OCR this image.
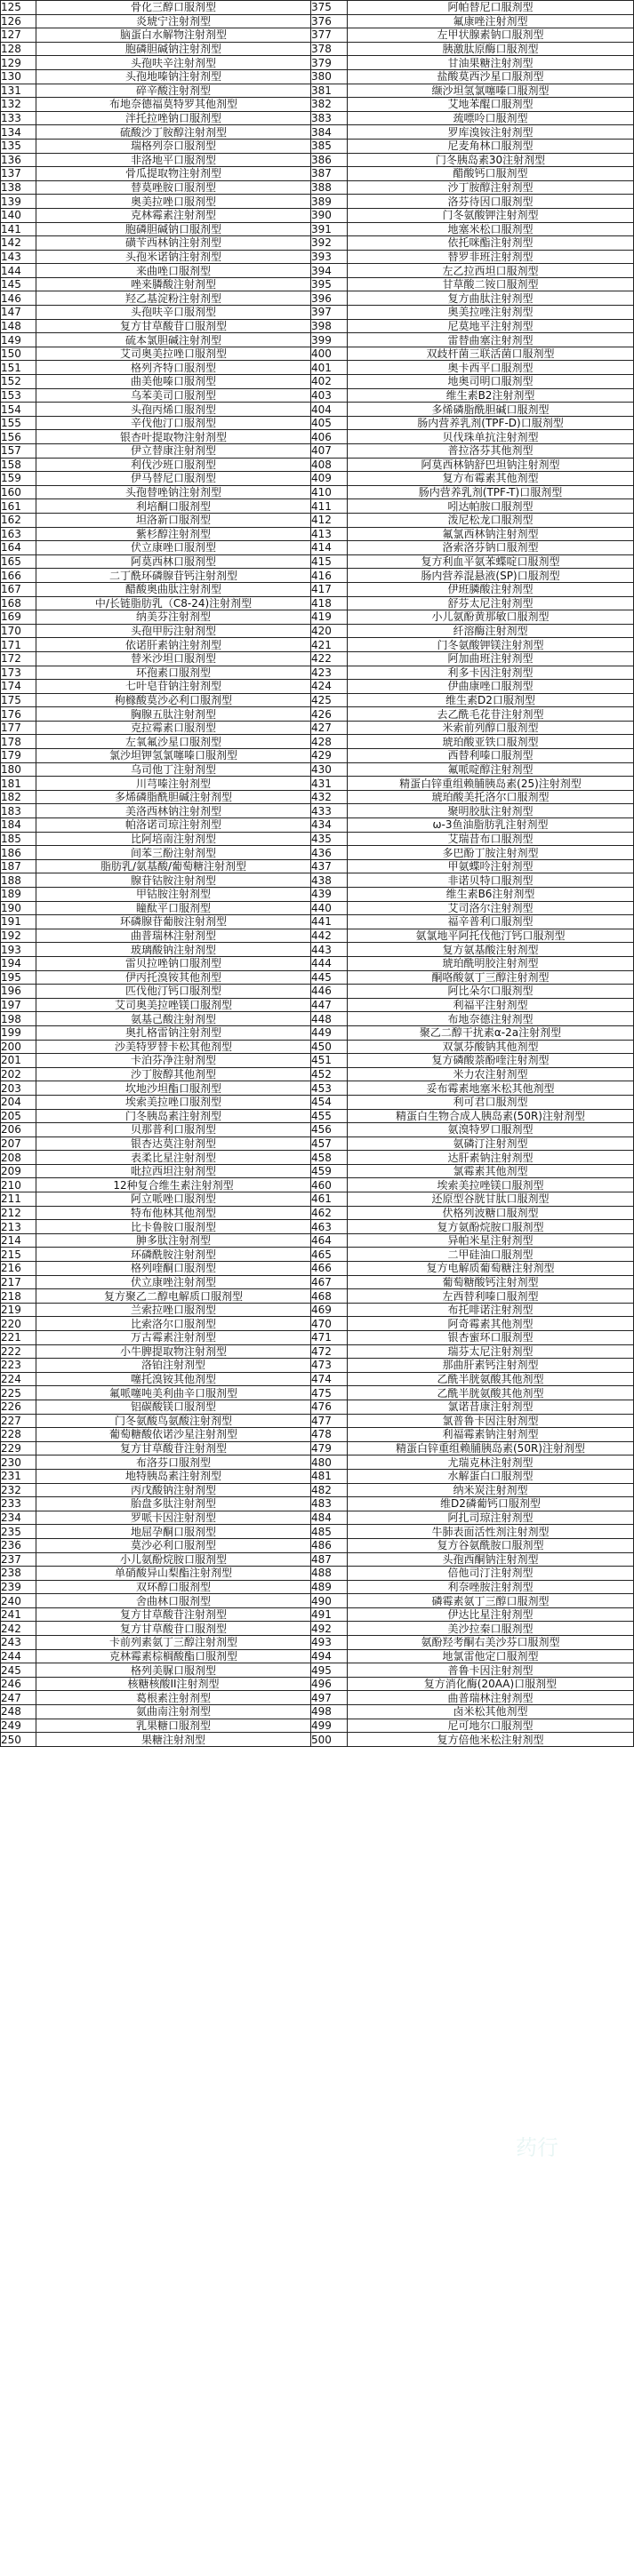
125	骨化三醇口服剂型	375	阿帕替尼口服剂型
126	炎琥宁注射剂型	376	氟康唑注射剂型
127	脑蛋白水解物注射剂型	377	左甲状腺素钠口服剂型
128	胞磷胆碱钠注射剂型	378	胰激肽原酶口服剂型
129	头孢呋辛注射剂型	379	甘油果糖注射剂型
130	头孢地嗪钠注射剂型	380	盐酸莫西沙星口服剂型
131	碎辛酸注射剂型	381	缬沙坦氢氯噻嗪口服剂型
132	布地奈德福莫特罗其他剂型	382	艾地苯醌口服剂型
133	泮托拉唑钠口服剂型	383	巯嘌呤口服剂型
134	硫酸沙丁胺醇注射剂型	384	罗库溴铵注射剂型
135	瑞格列奈口服剂型	385	尼麦角林口服剂型
136	非洛地平口服剂型	386	门冬胰岛素30注射剂型
137	骨瓜提取物注射剂型	387	醋酸钙口服剂型
138	替莫唑胺口服剂型	388	沙丁胺醇注射剂型
139	奥美拉唑口服剂型	389	洛芬待因口服剂型
140	克林霉素注射剂型	390	门冬氨酸钾注射剂型
141	胞磷胆碱钠口服剂型	391	地塞米松口服剂型
142	磺苄西林钠注射剂型	392	依托咪酯注射剂型
143	头孢米诺钠注射剂型	393	替罗非班注射剂型
144	来曲唑口服剂型	394	左乙拉西坦口服剂型
145	唑来膦酸注射剂型	395	甘草酸二铵口服剂型
146	羟乙基淀粉注射剂型	396	复方曲肽注射剂型
147	头孢呋辛口服剂型	397	奥美拉唑注射剂型
148	复方甘草酸苷口服剂型	398	尼莫地平注射剂型
149	硫本氯胆碱注射剂型	399	雷替曲塞注射剂型
150	艾司奥美拉唑口服剂型	400	双歧杆菌三联活菌口服剂型
151	格列齐特口服剂型	401	奥卡西平口服剂型
152	曲美他嗪口服剂型	402	地奥司明口服剂型
153	乌苯美司口服剂型	403	维生素B2注射剂型
154	头孢丙烯口服剂型	404	多烯磷脂酰胆碱口服剂型
155	辛伐他汀口服剂型	405	肠内营养乳剂(TPF-D)口服剂型
156	银杏叶提取物注射剂型	406	贝伐珠单抗注射剂型
157	伊立替康注射剂型	407	普拉洛芬其他剂型
158	利伐沙班口服剂型	408	阿莫西林钠舒巴坦钠注射剂型
159	伊马替尼口服剂型	409	复方布霉素其他剂型
160	头孢替唑钠注射剂型	410	肠内营养乳剂(TPF-T)口服剂型
161	利培酮口服剂型	411	吲达帕胺口服剂型
162	坦洛新口服剂型	412	泼尼松龙口服剂型
163	紫杉醇注射剂型	413	氟氯西林钠注射剂型
164	伏立康唑口服剂型	414	洛索洛芬钠口服剂型
165	阿莫西林口服剂型	415	复方利血平氨苯蝶啶口服剂型
166	二丁酰环磷腺苷钙注射剂型	416	肠内营养混悬液(SP)口服剂型
167	醋酸奥曲肽注射剂型	417	伊班膦酸注射剂型
168	中/长链脂肪乳（C8-24)注射剂型	418	舒芬太尼注射剂型
169	纳美芬注射剂型	419	小儿氨酚黄那敏口服剂型
170	头孢甲肟注射剂型	420	纤溶酶注射剂型
171	依诺肝素钠注射剂型	421	门冬氨酸钾镁注射剂型
172	替米沙坦口服剂型	422	阿加曲班注射剂型
173	环孢素口服剂型	423	利多卡因注射剂型
174	七叶皂苷钠注射剂型	424	伊曲康唑口服剂型
175	枸橼酸莫沙必利口服剂型	425	维生素D2口服剂型
176	胸腺五肽注射剂型	426	去乙酰毛花苷注射剂型
177	克拉霉素口服剂型	427	米索前列醇口服剂型
178	左氧氟沙星口服剂型	428	琥珀酸亚铁口服剂型
179	氯沙坦钾氢氯噻嗪口服剂型	429	西替利嗪口服剂型
180	乌司他丁注射剂型	430	氟哌啶醇注射剂型
181	川芎嗪注射剂型	431	精蛋白锌重组赖脯胰岛素(25)注射剂型
182	多烯磷脂酰胆碱注射剂型	432	琥珀酸美托洛尔口服剂型
183	美洛西林钠注射剂型	433	聚明胶肽注射剂型
184	帕洛诺司琼注射剂型	434	ω-3鱼油脂肪乳注射剂型
185	比阿培南注射剂型	435	艾瑞昔布口服剂型
186	间苯三酚注射剂型	436	多巴酚丁胺注射剂型
187	脂肪乳/氨基酸/葡萄糖注射剂型	437	甲氨蝶呤注射剂型
188	腺苷钴胺注射剂型	438	非诺贝特口服剂型
189	甲钴胺注射剂型	439	维生素B6注射剂型
190	瞳酞平口服剂型	440	艾司洛尔注射剂型
191	环磷腺苷葡胺注射剂型	441	福辛普利口服剂型
192	曲普瑞林注射剂型	442	氨氯地平阿托伐他汀钙口服剂型
193	玻璃酸钠注射剂型	443	复方氨基酸注射剂型
194	雷贝拉唑钠口服剂型	444	琥珀酰明胶注射剂型
195	伊丙托溴铵其他剂型	445	酮咯酸氨丁三醇注射剂型
196	匹伐他汀钙口服剂型	446	阿比朵尔口服剂型
197	艾司奥美拉唑镁口服剂型	447	利福平注射剂型
198	氨基己酸注射剂型	448	布地奈德注射剂型
199	奥扎格雷钠注射剂型	449	聚乙二醇干扰素α-2a注射剂型
200	沙美特罗替卡松其他剂型	450	双氯芬酸钠其他剂型
201	卡泊芬净注射剂型	451	复方磷酸萘酚喹注射剂型
202	沙丁胺醇其他剂型	452	米力农注射剂型
203	坎地沙坦酯口服剂型	453	妥布霉素地塞米松其他剂型
204	埃索美拉唑口服剂型	454	利可君口服剂型
205	门冬胰岛素注射剂型	455	精蛋白生物合成人胰岛素(50R)注射剂型
206	贝那普利口服剂型	456	氨溴特罗口服剂型
207	银杏达莫注射剂型	457	氨磷汀注射剂型
208	表柔比星注射剂型	458	达肝素钠注射剂型
209	吡拉西坦注射剂型	459	氯霉素其他剂型
210	12种复合维生素注射剂型	460	埃索美拉唑镁口服剂型
211	阿立哌唑口服剂型	461	还原型谷胱甘肽口服剂型
212	特布他林其他剂型	462	伏格列波糖口服剂型
213	比卡鲁胺口服剂型	463	复方氨酚烷胺口服剂型
214	胂多肽注射剂型	464	异帕米星注射剂型
215	环磷酰胺注射剂型	465	二甲硅油口服剂型
216	格列喹酮口服剂型	466	复方电解质葡萄糖注射剂型
217	伏立康唑注射剂型	467	葡萄糖酸钙注射剂型
218	复方聚乙二醇电解质口服剂型	468	左西替利嗪口服剂型
219	兰索拉唑口服剂型	469	布托啡诺注射剂型
220	比索洛尔口服剂型	470	阿奇霉素其他剂型
221	万古霉素注射剂型	471	银杏蜜环口服剂型
222	小牛脾提取物注射剂型	472	瑞芬太尼注射剂型
223	洛铂注射剂型	473	那曲肝素钙注射剂型
224	噻托溴铵其他剂型	474	乙酰半胱氨酸其他剂型
225	氟哌噻吨美利曲辛口服剂型	475	乙酰半胱氨酸其他剂型
226	铝碳酸镁口服剂型	476	氯诺昔康注射剂型
227	门冬氨酸鸟氨酸注射剂型	477	氯普鲁卡因注射剂型
228	葡萄糖酸依诺沙星注射剂型	478	利福霉素钠注射剂型
229	复方甘草酸苷注射剂型	479	精蛋白锌重组赖脯胰岛素(50R)注射剂型
230	布洛芬口服剂型	480	尤瑞克林注射剂型
231	地特胰岛素注射剂型	481	水解蛋白口服剂型
232	丙戊酸钠注射剂型	482	纳米炭注射剂型
233	胎盘多肽注射剂型	483	维D2磷葡钙口服剂型
234	罗哌卡因注射剂型	484	阿扎司琼注射剂型
235	地屈孕酮口服剂型	485	牛肺表面活性剂注射剂型
236	莫沙必利口服剂型	486	复方谷氨酰胺口服剂型
237	小儿氨酚烷胺口服剂型	487	头孢西酮钠注射剂型
238	单硝酸异山梨酯注射剂型	488	倍他司汀注射剂型
239	双环醇口服剂型	489	利奈唑胺注射剂型
240	舍曲林口服剂型	490	磷霉素氨丁三醇口服剂型
241	复方甘草酸苷注射剂型	491	伊达比星注射剂型
242	复方甘草酸苷口服剂型	492	美沙拉秦口服剂型
243	卡前列素氨丁三醇注射剂型	493	氨酚羟考酮右美沙芬口服剂型
244	克林霉素棕榈酸酯口服剂型	494	地氯雷他定口服剂型
245	格列美脲口服剂型	495	普鲁卡因注射剂型
246	核糖核酸II注射剂型	496	复方消化酶(20AA)口服剂型
247	葛根素注射剂型	497	曲普瑞林注射剂型
248	氨曲南注射剂型	498	卤米松其他剂型
249	乳果糖口服剂型	499	尼可地尔口服剂型
250	果糖注射剂型	500	复方倍他米松注射剂型
药行
